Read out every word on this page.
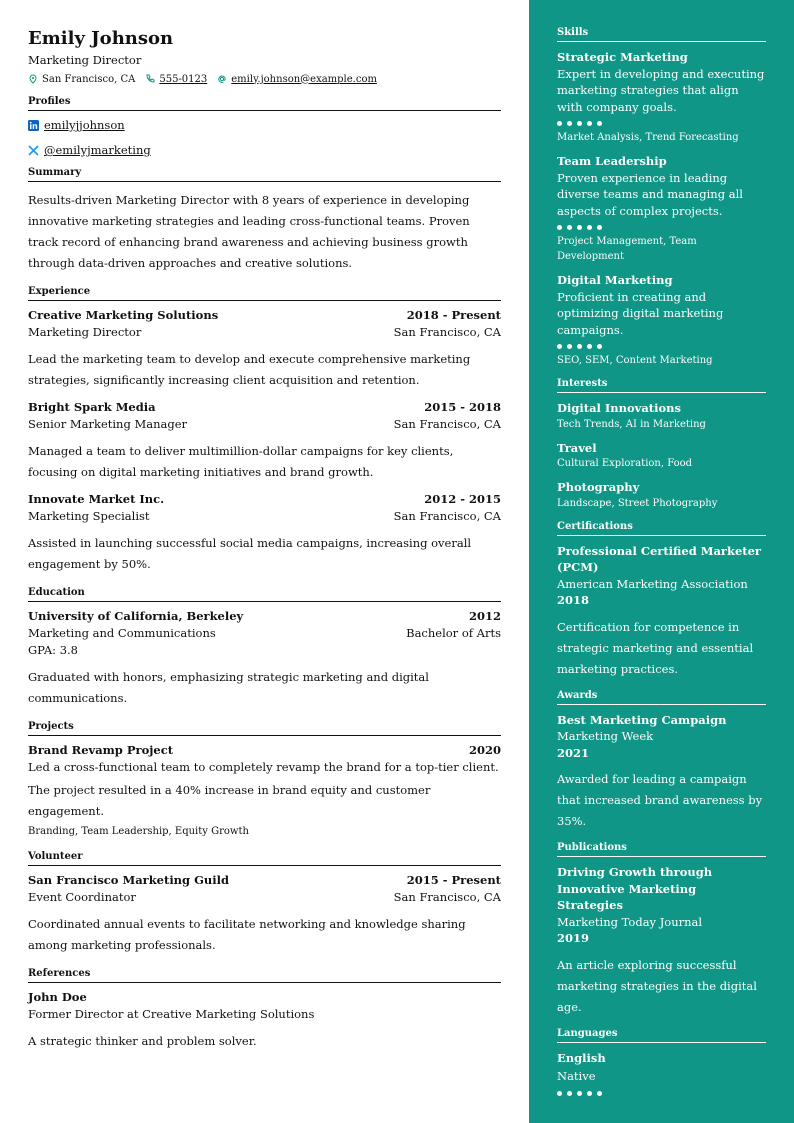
Emily Johnson
Marketing Director
San Francisco, CA 555-0123 emily.johnson@example.com
Profiles
emilyjjohnson
@emilyjmarketing
Summary

Results-driven Marketing Director with 8 years of experience in developing innovative marketing strategies and leading cross-functional teams. Proven track record of enhancing brand awareness and achieving business growth through data-driven approaches and creative solutions.

Experience
Creative Marketing Solutions	2018 - Present
Marketing Director	San Francisco, CA

Lead the marketing team to develop and execute comprehensive marketing strategies, significantly increasing client acquisition and retention.

Bright Spark Media	2015 - 2018
Senior Marketing Manager	San Francisco, CA

Managed a team to deliver multimillion-dollar campaigns for key clients, focusing on digital marketing initiatives and brand growth.

Innovate Market Inc.	2012 - 2015
Marketing Specialist	San Francisco, CA

Assisted in launching successful social media campaigns, increasing overall engagement by 50%.

Education
University of California, Berkeley	2012
Marketing and Communications	Bachelor of Arts
GPA: 3.8

Graduated with honors, emphasizing strategic marketing and digital communications.

Projects
Brand Revamp Project	2020
Led a cross-functional team to completely revamp the brand for a top-tier client.

The project resulted in a 40% increase in brand equity and customer engagement.

Branding, Team Leadership, Equity Growth
Volunteer
San Francisco Marketing Guild	2015 - Present
Event Coordinator	San Francisco, CA

Coordinated annual events to facilitate networking and knowledge sharing among marketing professionals.

References
John Doe
Former Director at Creative Marketing Solutions

A strategic thinker and problem solver.

Skills
Strategic Marketing
Expert in developing and executing marketing strategies that align with company goals.
Market Analysis, Trend Forecasting
Team Leadership
Proven experience in leading diverse teams and managing all aspects of complex projects.
Project Management, Team Development
Digital Marketing
Proficient in creating and optimizing digital marketing campaigns.
SEO, SEM, Content Marketing
Interests
Digital Innovations
Tech Trends, AI in Marketing
Travel
Cultural Exploration, Food
Photography
Landscape, Street Photography
Certifications
Professional Certified Marketer (PCM)
American Marketing Association
2018
Certification for competence in strategic marketing and essential marketing practices.
Awards
Best Marketing Campaign
Marketing Week
2021
Awarded for leading a campaign that increased brand awareness by 35%.
Publications
Driving Growth through Innovative Marketing Strategies
Marketing Today Journal
2019
An article exploring successful marketing strategies in the digital age.
Languages
English
Native
